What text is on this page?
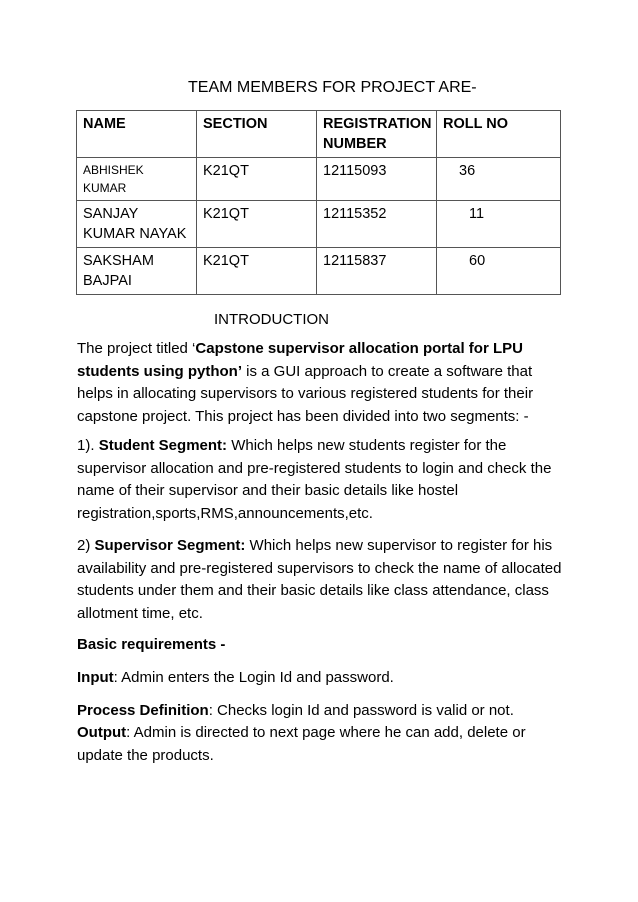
TEAM MEMBERS FOR PROJECT ARE-
NAME	SECTION	REGISTRATION NUMBER	ROLL NO
ABHISHEK KUMAR	K21QT	12115093	36
SANJAY KUMAR NAYAK	K21QT	12115352	11
SAKSHAM BAJPAI	K21QT	12115837	60
INTRODUCTION

The project titled ‘Capstone supervisor allocation portal for LPU students using python’ is a GUI approach to create a software that helps in allocating supervisors to various registered students for their capstone project. This project has been divided into two segments: -

1). Student Segment: Which helps new students register for the supervisor allocation and pre-registered students to login and check the name of their supervisor and their basic details like hostel registration,sports,RMS,announcements,etc.

2) Supervisor Segment: Which helps new supervisor to register for his availability and pre-registered supervisors to check the name of allocated students under them and their basic details like class attendance, class allotment time, etc.

Basic requirements -

Input: Admin enters the Login Id and password.

Process Definition: Checks login Id and password is valid or not.

Output: Admin is directed to next page where he can add, delete or update the products.
